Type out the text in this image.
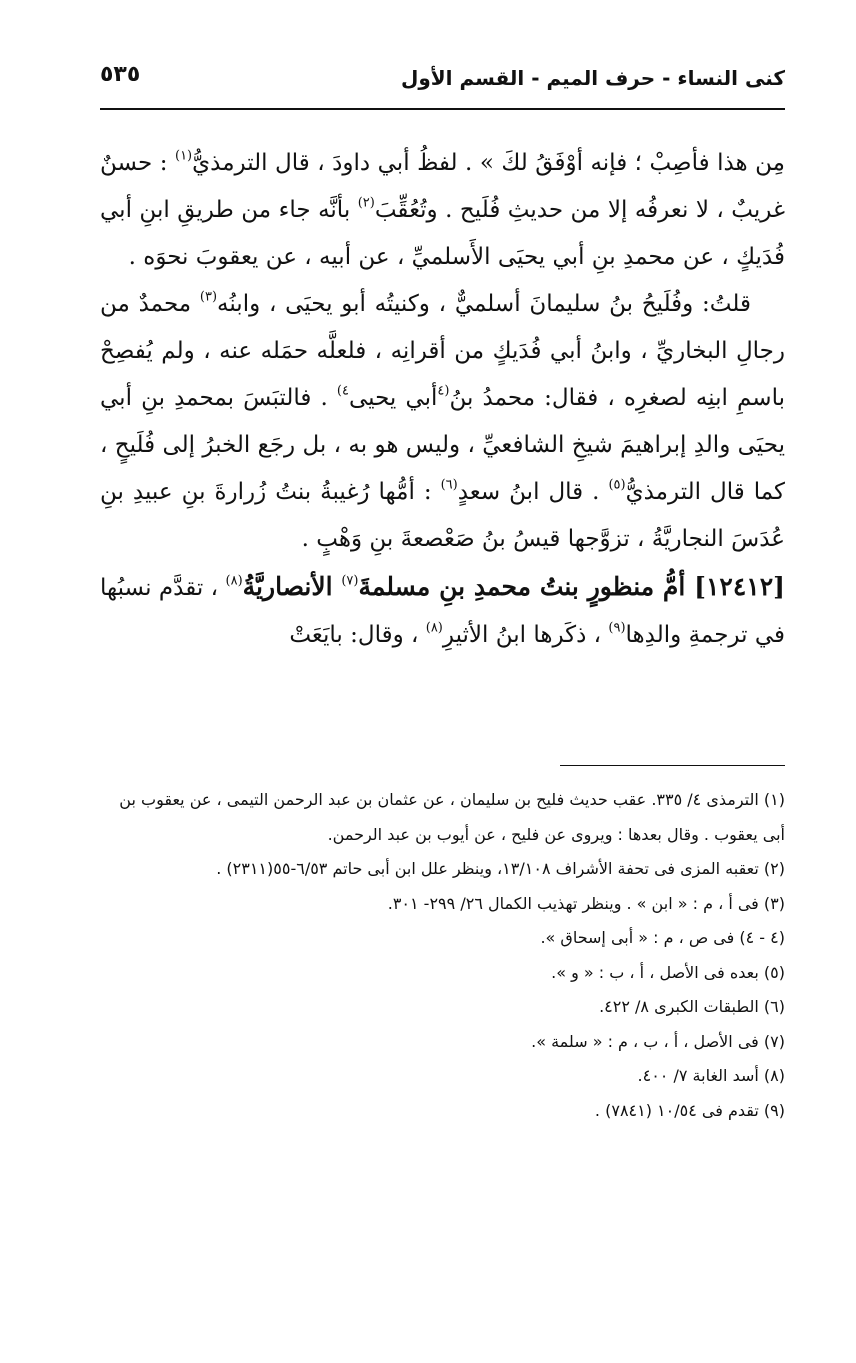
كنى النساء - حرف الميم - القسم الأول
٥٣٥

مِن هذا فأصِبْ ؛ فإنه أوْفَقُ لكَ » . لفظُ أبي داودَ ، قال الترمذيُّ$^{(١)}$ : حسنٌ غريبٌ ، لا نعرفُه إلا من حديثِ فُلَيح . وتُعُقِّبَ$^{(٢)}$ بأنَّه جاء من طريقِ ابنِ أبي فُدَيكٍ ، عن محمدِ بنِ أبي يحيَى الأَسلميِّ ، عن أبيه ، عن يعقوبَ نحوَه .

قلتُ: وفُلَيحُ بنُ سليمانَ أسلميٌّ ، وكنيتُه أبو يحيَى ، وابنُه$^{(٣)}$ محمدٌ من رجالِ البخاريِّ ، وابنُ أبي فُدَيكٍ من أقرانِه ، فلعلَّه حمَله عنه ، ولم يُفصِحْ باسمِ ابنِه لصغرِه ، فقال: محمدُ بنُ$^{(٤}$أبي يحيى$^{٤)}$ . فالتبَسَ بمحمدِ بنِ أبي يحيَى والدِ إبراهيمَ شيخِ الشافعيِّ ، وليس هو به ، بل رجَع الخبرُ إلى فُلَيحٍ ، كما قال الترمذيُّ$^{(٥)}$ . قال ابنُ سعدٍ$^{(٦)}$ : أمُّها رُغيبةُ بنتُ زُرارةَ بنِ عبيدِ بنِ عُدَسَ النجاريَّةُ ، تزوَّجها قيسُ بنُ صَعْصعةَ بنِ وَهْبٍ .

[١٢٤١٢] أمُّ منظورٍ بنتُ محمدِ بنِ مسلمةَ$^{(٧)}$ الأنصاريَّةُ$^{(٨)}$ ، تقدَّم نسبُها في ترجمةِ والدِها$^{(٩)}$ ، ذكَرها ابنُ الأثيرِ$^{(٨)}$ ، وقال: بايَعَتْ

(١) الترمذى ٤/ ٣٣٥. عقب حديث فليح بن سليمان ، عن عثمان بن عبد الرحمن التيمى ، عن يعقوب بن أبى يعقوب . وقال بعدها : ويروى عن فليح ، عن أيوب بن عبد الرحمن.

(٢) تعقبه المزى فى تحفة الأشراف ١٣/١٠٨، وينظر علل ابن أبى حاتم ٦/٥٣-٥٥(٢٣١١) .

(٣) فى أ ، م : « ابن » . وينظر تهذيب الكمال ٢٦/ ٢٩٩- ٣٠١.

(٤ - ٤) فى ص ، م : « أبى إسحاق ».

(٥) بعده فى الأصل ، أ ، ب : « و ».

(٦) الطبقات الكبرى ٨/ ٤٢٢.

(٧) فى الأصل ، أ ، ب ، م : « سلمة ».

(٨) أسد الغابة ٧/ ٤٠٠.

(٩) تقدم فى ١٠/٥٤ (٧٨٤١) .
